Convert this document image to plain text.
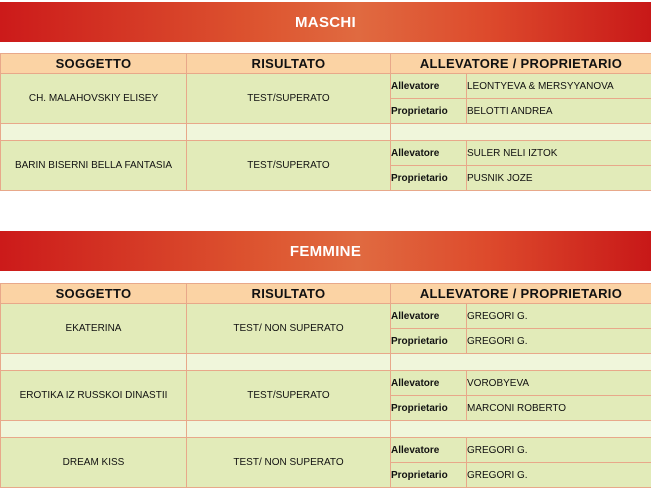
MASCHI
SOGGETTO	RISULTATO	ALLEVATORE / PROPRIETARIO	
CH. MALAHOVSKIY ELISEY	TEST/SUPERATO	Allevatore	LEONTYEVA & MERSYYANOVA
		Proprietario	BELOTTI ANDREA

BARIN BISERNI BELLA FANTASIA	TEST/SUPERATO	Allevatore	SULER NELI IZTOK
		Proprietario	PUSNIK JOZE
FEMMINE
SOGGETTO	RISULTATO	ALLEVATORE / PROPRIETARIO	
EKATERINA	TEST/ NON SUPERATO	Allevatore	GREGORI G.
		Proprietario	GREGORI G.

EROTIKA IZ RUSSKOI DINASTII	TEST/SUPERATO	Allevatore	VOROBYEVA
		Proprietario	MARCONI ROBERTO

DREAM KISS	TEST/ NON SUPERATO	Allevatore	GREGORI G.
		Proprietario	GREGORI G.
